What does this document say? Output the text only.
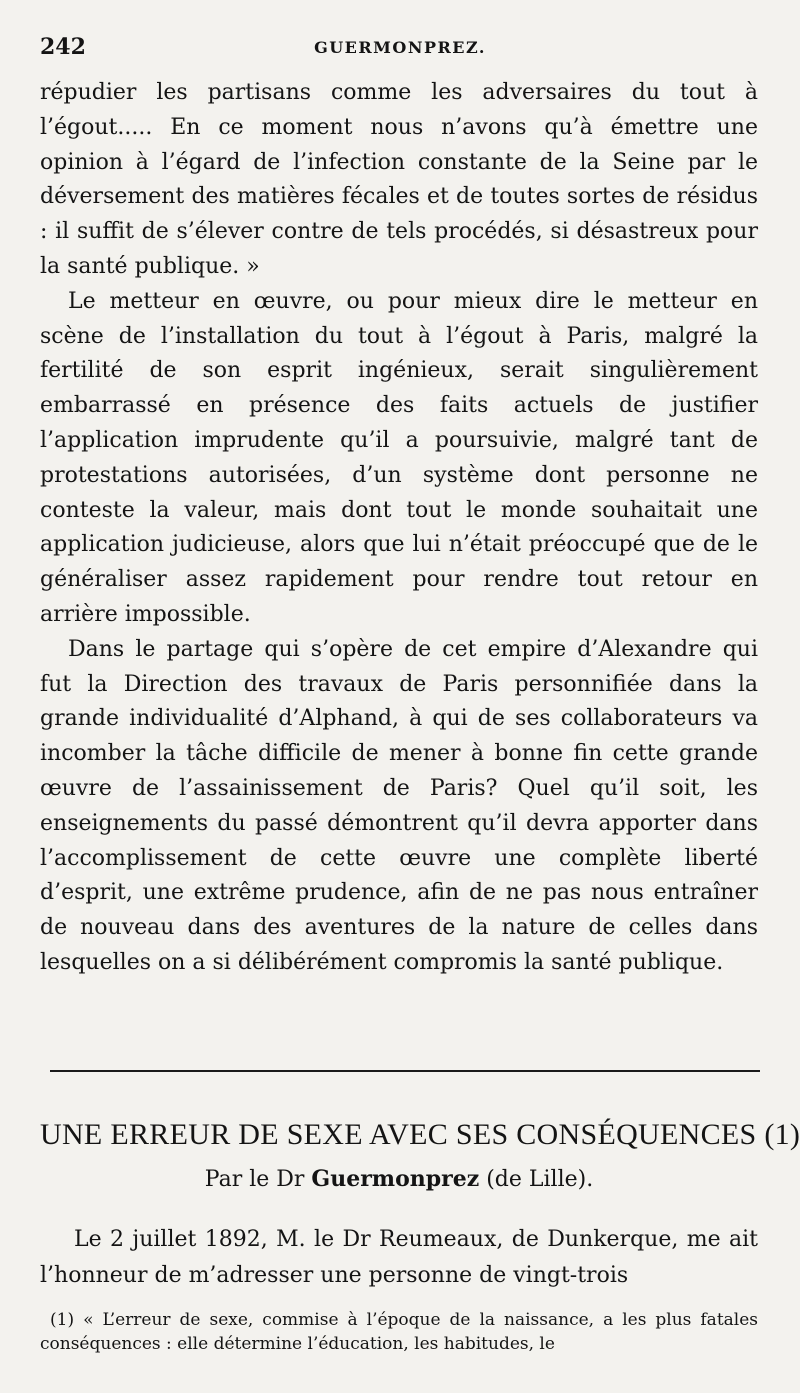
242	GUERMONPREZ.

répudier les partisans comme les adversaires du tout à l’égout..... En ce moment nous n’avons qu’à émettre une opinion à l’égard de l’infection constante de la Seine par le déversement des matières fécales et de toutes sortes de résidus : il suffit de s’élever contre de tels procédés, si désastreux pour la santé publique. »

Le metteur en œuvre, ou pour mieux dire le metteur en scène de l’installation du tout à l’égout à Paris, malgré la fertilité de son esprit ingénieux, serait singulièrement embarrassé en présence des faits actuels de justifier l’application imprudente qu’il a poursuivie, malgré tant de protestations autorisées, d’un système dont personne ne conteste la valeur, mais dont tout le monde souhaitait une application judicieuse, alors que lui n’était préoccupé que de le généraliser assez rapidement pour rendre tout retour en arrière impossible.

Dans le partage qui s’opère de cet empire d’Alexandre qui fut la Direction des travaux de Paris personnifiée dans la grande individualité d’Alphand, à qui de ses collaborateurs va incomber la tâche difficile de mener à bonne fin cette grande œuvre de l’assainissement de Paris? Quel qu’il soit, les enseignements du passé démontrent qu’il devra apporter dans l’accomplissement de cette œuvre une complète liberté d’esprit, une extrême prudence, afin de ne pas nous entraîner de nouveau dans des aventures de la nature de celles dans lesquelles on a si délibérément compromis la santé publique.

UNE ERREUR DE SEXE AVEC SES CONSÉQUENCES (1)
Par le Dr Guermonprez (de Lille).

Le 2 juillet 1892, M. le Dr Reumeaux, de Dunkerque, me ait l’honneur de m’adresser une personne de vingt-trois

(1) « L’erreur de sexe, commise à l’époque de la naissance, a les plus fatales conséquences : elle détermine l’éducation, les habitudes, le
